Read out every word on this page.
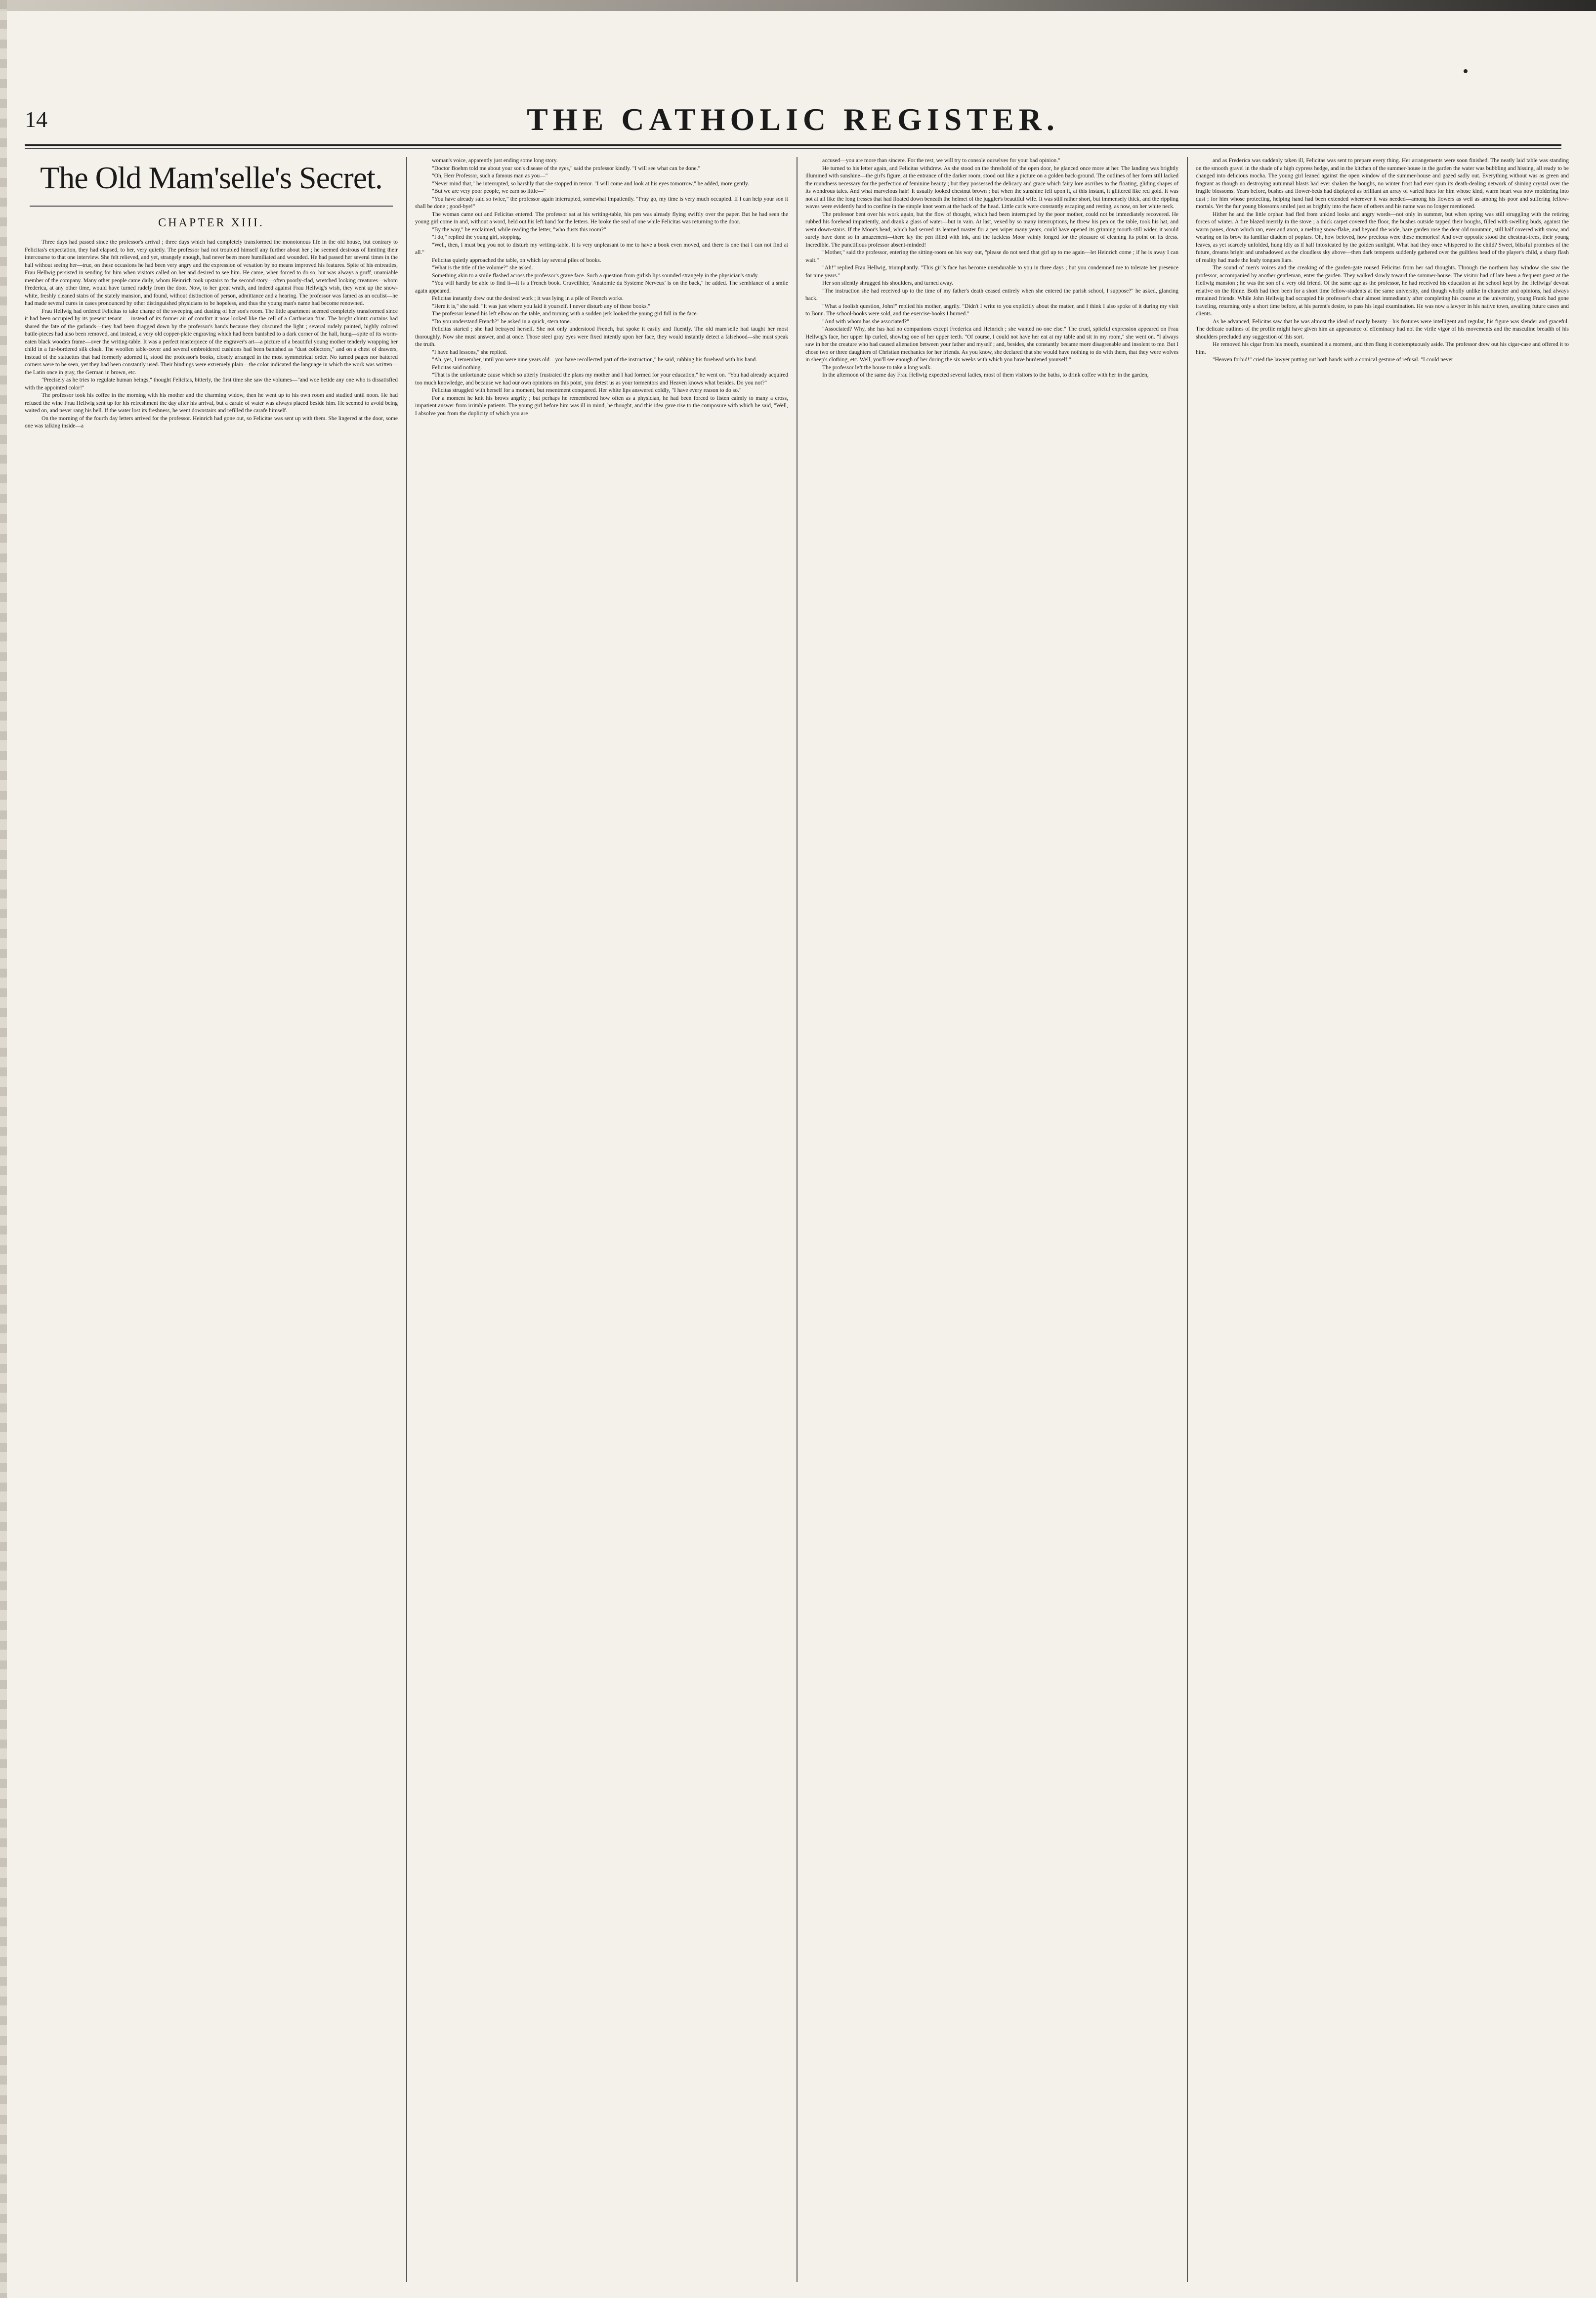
14	THE CATHOLIC REGISTER.
The Old Mam'selle's Secret.
CHAPTER XIII.

Three days had passed since the professor's arrival ; three days which had completely transformed the monotonous life in the old house, but contrary to Felicitas's expectation, they had elapsed, to her, very quietly. The professor had not troubled himself any further about her ; he seemed desirous of limiting their intercourse to that one interview. She felt relieved, and yet, strangely enough, had never been more humiliated and wounded. He had passed her several times in the hall without seeing her—true, on these occasions he had been very angry and the expression of vexation by no means improved his features. Spite of his entreaties, Frau Hellwig persisted in sending for him when visitors called on her and desired to see him. He came, when forced to do so, but was always a gruff, unamiable member of the company. Many other people came daily, whom Heinrich took upstairs to the second story—often poorly-clad, wretched looking creatures—whom Frederica, at any other time, would have turned rudely from the door. Now, to her great wrath, and indeed against Frau Hellwig's wish, they went up the snow-white, freshly cleaned stairs of the stately mansion, and found, without distinction of person, admittance and a hearing. The professor was famed as an oculist—he had made several cures in cases pronounced by other distinguished physicians to be hopeless, and thus the young man's name had become renowned.

Frau Hellwig had ordered Felicitas to take charge of the sweeping and dusting of her son's room. The little apartment seemed completely transformed since it had been occupied by its present tenant — instead of its former air of comfort it now looked like the cell of a Carthusian friar. The bright chintz curtains had shared the fate of the garlands—they had been dragged down by the professor's hands because they obscured the light ; several rudely painted, highly colored battle-pieces had also been removed, and instead, a very old copper-plate engraving which had been banished to a dark corner of the hall, hung—spite of its worm-eaten black wooden frame—over the writing-table. It was a perfect masterpiece of the engraver's art—a picture of a beautiful young mother tenderly wrapping her child in a fur-bordered silk cloak. The woollen table-cover and several embroidered cushions had been banished as "dust collectors," and on a chest of drawers, instead of the statuettes that had formerly adorned it, stood the professor's books, closely arranged in the most symmetrical order. No turned pages nor battered corners were to be seen, yet they had been constantly used. Their bindings were extremely plain—the color indicated the language in which the work was written—the Latin once in gray, the German in brown, etc.

"Precisely as he tries to regulate human beings," thought Felicitas, bitterly, the first time she saw the volumes—"and woe betide any one who is dissatisfied with the appointed color!"

The professor took his coffee in the morning with his mother and the charming widow, then he went up to his own room and studied until noon. He had refused the wine Frau Hellwig sent up for his refreshment the day after his arrival, but a carafe of water was always placed beside him. He seemed to avoid being waited on, and never rang his bell. If the water lost its freshness, he went downstairs and refilled the carafe himself.

On the morning of the fourth day letters arrived for the professor. Heinrich had gone out, so Felicitas was sent up with them. She lingered at the door, some one was talking inside—a

woman's voice, apparently just ending some long story.

"Doctor Boehm told me about your son's disease of the eyes," said the professor kindly. "I will see what can be done."

"Oh, Herr Professor, such a famous man as you—"

"Never mind that," he interrupted, so harshly that she stopped in terror. "I will come and look at his eyes tomorrow," he added, more gently.

"But we are very poor people, we earn so little—"

"You have already said so twice," the professor again interrupted, somewhat impatiently. "Pray go, my time is very much occupied. If I can help your son it shall be done ; good-bye!"

The woman came out and Felicitas entered. The professor sat at his writing-table, his pen was already flying swiftly over the paper. But he had seen the young girl come in and, without a word, held out his left hand for the letters. He broke the seal of one while Felicitas was returning to the door.

"By the way," he exclaimed, while reading the letter, "who dusts this room?"

"I do," replied the young girl, stopping.

"Well, then, I must beg you not to disturb my writing-table. It is very unpleasant to me to have a book even moved, and there is one that I can not find at all."

Felicitas quietly approached the table, on which lay several piles of books.

"What is the title of the volume?" she asked.

Something akin to a smile flashed across the professor's grave face. Such a question from girlish lips sounded strangely in the physician's study.

"You will hardly be able to find it—it is a French book. Cruveilhier, 'Anatomie du Systeme Nerveux' is on the back," he added. The semblance of a smile again appeared.

Felicitas instantly drew out the desired work ; it was lying in a pile of French works.

"Here it is," she said. "It was just where you laid it yourself. I never disturb any of these books."

The professor leaned his left elbow on the table, and turning with a sudden jerk looked the young girl full in the face.

"Do you understand French?" he asked in a quick, stern tone.

Felicitas started ; she had betrayed herself. She not only understood French, but spoke it easily and fluently. The old mam'selle had taught her most thoroughly. Now she must answer, and at once. Those steel gray eyes were fixed intently upon her face, they would instantly detect a falsehood—she must speak the truth.

"I have had lessons," she replied.

"Ah, yes, I remember, until you were nine years old—you have recollected part of the instruction," he said, rubbing his forehead with his hand.

Felicitas said nothing.

"That is the unfortunate cause which so utterly frustrated the plans my mother and I had formed for your education," he went on. "You had already acquired too much knowledge, and because we had our own opinions on this point, you detest us as your tormentors and Heaven knows what besides. Do you not?"

Felicitas struggled with herself for a moment, but resentment conquered. Her white lips answered coldly, "I have every reason to do so."

For a moment he knit his brows angrily ; but perhaps he remembered how often as a physician, he had been forced to listen calmly to many a cross, impatient answer from irritable patients. The young girl before him was ill in mind, he thought, and this idea gave rise to the composure with which he said, "Well, I absolve you from the duplicity of which you are

accused—you are more than sincere. For the rest, we will try to console ourselves for your bad opinion."

He turned to his letter again, and Felicitas withdrew. As she stood on the threshold of the open door, he glanced once more at her. The landing was brightly illumined with sunshine—the girl's figure, at the entrance of the darker room, stood out like a picture on a golden back-ground. The outlines of her form still lacked the roundness necessary for the perfection of feminine beauty ; but they possessed the delicacy and grace which fairy lore ascribes to the floating, gliding shapes of its wondrous tales. And what marvelous hair! It usually looked chestnut brown ; but when the sunshine fell upon it, at this instant, it glittered like red gold. It was not at all like the long tresses that had floated down beneath the helmet of the juggler's beautiful wife. It was still rather short, but immensely thick, and the rippling waves were evidently hard to confine in the simple knot worn at the back of the head. Little curls were constantly escaping and resting, as now, on her white neck.

The professor bent over his work again, but the flow of thought, which had been interrupted by the poor mother, could not be immediately recovered. He rubbed his forehead impatiently, and drank a glass of water—but in vain. At last, vexed by so many interruptions, he threw his pen on the table, took his hat, and went down-stairs. If the Moor's head, which had served its learned master for a pen wiper many years, could have opened its grinning mouth still wider, it would surely have done so in amazement—there lay the pen filled with ink, and the luckless Moor vainly longed for the pleasure of cleaning its point on its dress. Incredible. The punctilious professor absent-minded!

"Mother," said the professor, entering the sitting-room on his way out, "please do not send that girl up to me again—let Heinrich come ; if he is away I can wait."

"Ah!" replied Frau Hellwig, triumphantly. "This girl's face has become unendurable to you in three days ; but you condemned me to tolerate her presence for nine years."

Her son silently shrugged his shoulders, and turned away.

"The instruction she had received up to the time of my father's death ceased entirely when she entered the parish school, I suppose?" he asked, glancing back.

"What a foolish question, John!" replied his mother, angrily. "Didn't I write to you explicitly about the matter, and I think I also spoke of it during my visit to Bonn. The school-books were sold, and the exercise-books I burned."

"And with whom has she associated?"

"Associated? Why, she has had no companions except Frederica and Heinrich ; she wanted no one else." The cruel, spiteful expression appeared on Frau Hellwig's face, her upper lip curled, showing one of her upper teeth. "Of course, I could not have her eat at my table and sit in my room," she went on. "I always saw in her the creature who had caused alienation between your father and myself ; and, besides, she constantly became more disagreeable and insolent to me. But I chose two or three daughters of Christian mechanics for her friends. As you know, she declared that she would have nothing to do with them, that they were wolves in sheep's clothing, etc. Well, you'll see enough of her during the six weeks with which you have burdened yourself."

The professor left the house to take a long walk.

In the afternoon of the same day Frau Hellwig expected several ladies, most of them visitors to the baths, to drink coffee with her in the garden,

and as Frederica was suddenly taken ill, Felicitas was sent to prepare every thing. Her arrangements were soon finished. The neatly laid table was standing on the smooth gravel in the shade of a high cypress hedge, and in the kitchen of the summer-house in the garden the water was bubbling and hissing, all ready to be changed into delicious mocha. The young girl leaned against the open window of the summer-house and gazed sadly out. Everything without was as green and fragrant as though no destroying autumnal blasts had ever shaken the boughs, no winter frost had ever spun its death-dealing network of shining crystal over the fragile blossoms. Years before, bushes and flower-beds had displayed as brilliant an array of varied hues for him whose kind, warm heart was now moldering into dust ; for him whose protecting, helping hand had been extended wherever it was needed—among his flowers as well as among his poor and suffering fellow-mortals. Yet the fair young blossoms smiled just as brightly into the faces of others and his name was no longer mentioned.

Hither he and the little orphan had fled from unkind looks and angry words—not only in summer, but when spring was still struggling with the retiring forces of winter. A fire blazed merrily in the stove ; a thick carpet covered the floor, the bushes outside tapped their boughs, filled with swelling buds, against the warm panes, down which ran, ever and anon, a melting snow-flake, and beyond the wide, bare garden rose the dear old mountain, still half covered with snow, and wearing on its brow its familiar diadem of poplars. Oh, how beloved, how precious were these memories! And over opposite stood the chestnut-trees, their young leaves, as yet scarcely unfolded, hung idly as if half intoxicated by the golden sunlight. What had they once whispered to the child? Sweet, blissful promises of the future, dreams bright and unshadowed as the cloudless sky above—then dark tempests suddenly gathered over the guiltless head of the player's child, a sharp flash of reality had made the leafy tongues liars.

The sound of men's voices and the creaking of the garden-gate roused Felicitas from her sad thoughts. Through the northern bay window she saw the professor, accompanied by another gentleman, enter the garden. They walked slowly toward the summer-house. The visitor had of late been a frequent guest at the Hellwig mansion ; he was the son of a very old friend. Of the same age as the professor, he had received his education at the school kept by the Hellwigs' devout relative on the Rhine. Both had then been for a short time fellow-students at the same university, and though wholly unlike in character and opinions, had always remained friends. While John Hellwig had occupied his professor's chair almost immediately after completing his course at the university, young Frank had gone traveling, returning only a short time before, at his parent's desire, to pass his legal examination. He was now a lawyer in his native town, awaiting future cases and clients.

As he advanced, Felicitas saw that he was almost the ideal of manly beauty—his features were intelligent and regular, his figure was slender and graceful. The delicate outlines of the profile might have given him an appearance of effeminacy had not the virile vigor of his movements and the masculine breadth of his shoulders precluded any suggestion of this sort.

He removed his cigar from his mouth, examined it a moment, and then flung it contemptuously aside. The professor drew out his cigar-case and offered it to him.

"Heaven forbid!" cried the lawyer putting out both hands with a comical gesture of refusal. "I could never
